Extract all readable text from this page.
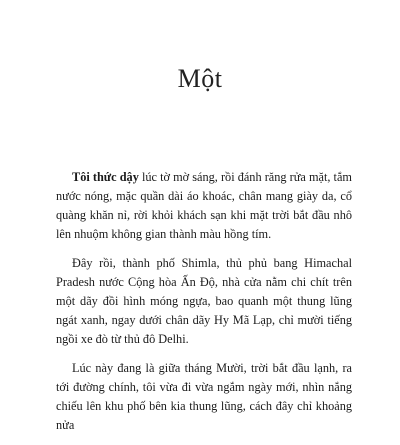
Một

Tôi thức dậy lúc tờ mờ sáng, rồi đánh răng rửa mặt, tắm nước nóng, mặc quần dài áo khoác, chân mang giày da, cổ quàng khăn nỉ, rời khỏi khách sạn khi mặt trời bắt đầu nhô lên nhuộm không gian thành màu hồng tím.

Đây rồi, thành phố Shimla, thủ phủ bang Himachal Pradesh nước Cộng hòa Ấn Độ, nhà cửa nằm chi chít trên một dãy đồi hình móng ngựa, bao quanh một thung lũng ngát xanh, ngay dưới chân dãy Hy Mã Lạp, chỉ mười tiếng ngồi xe đò từ thủ đô Delhi.

Lúc này đang là giữa tháng Mười, trời bắt đầu lạnh, ra tới đường chính, tôi vừa đi vừa ngắm ngày mới, nhìn nắng chiếu lên khu phố bên kia thung lũng, cách đây chỉ khoảng nửa
